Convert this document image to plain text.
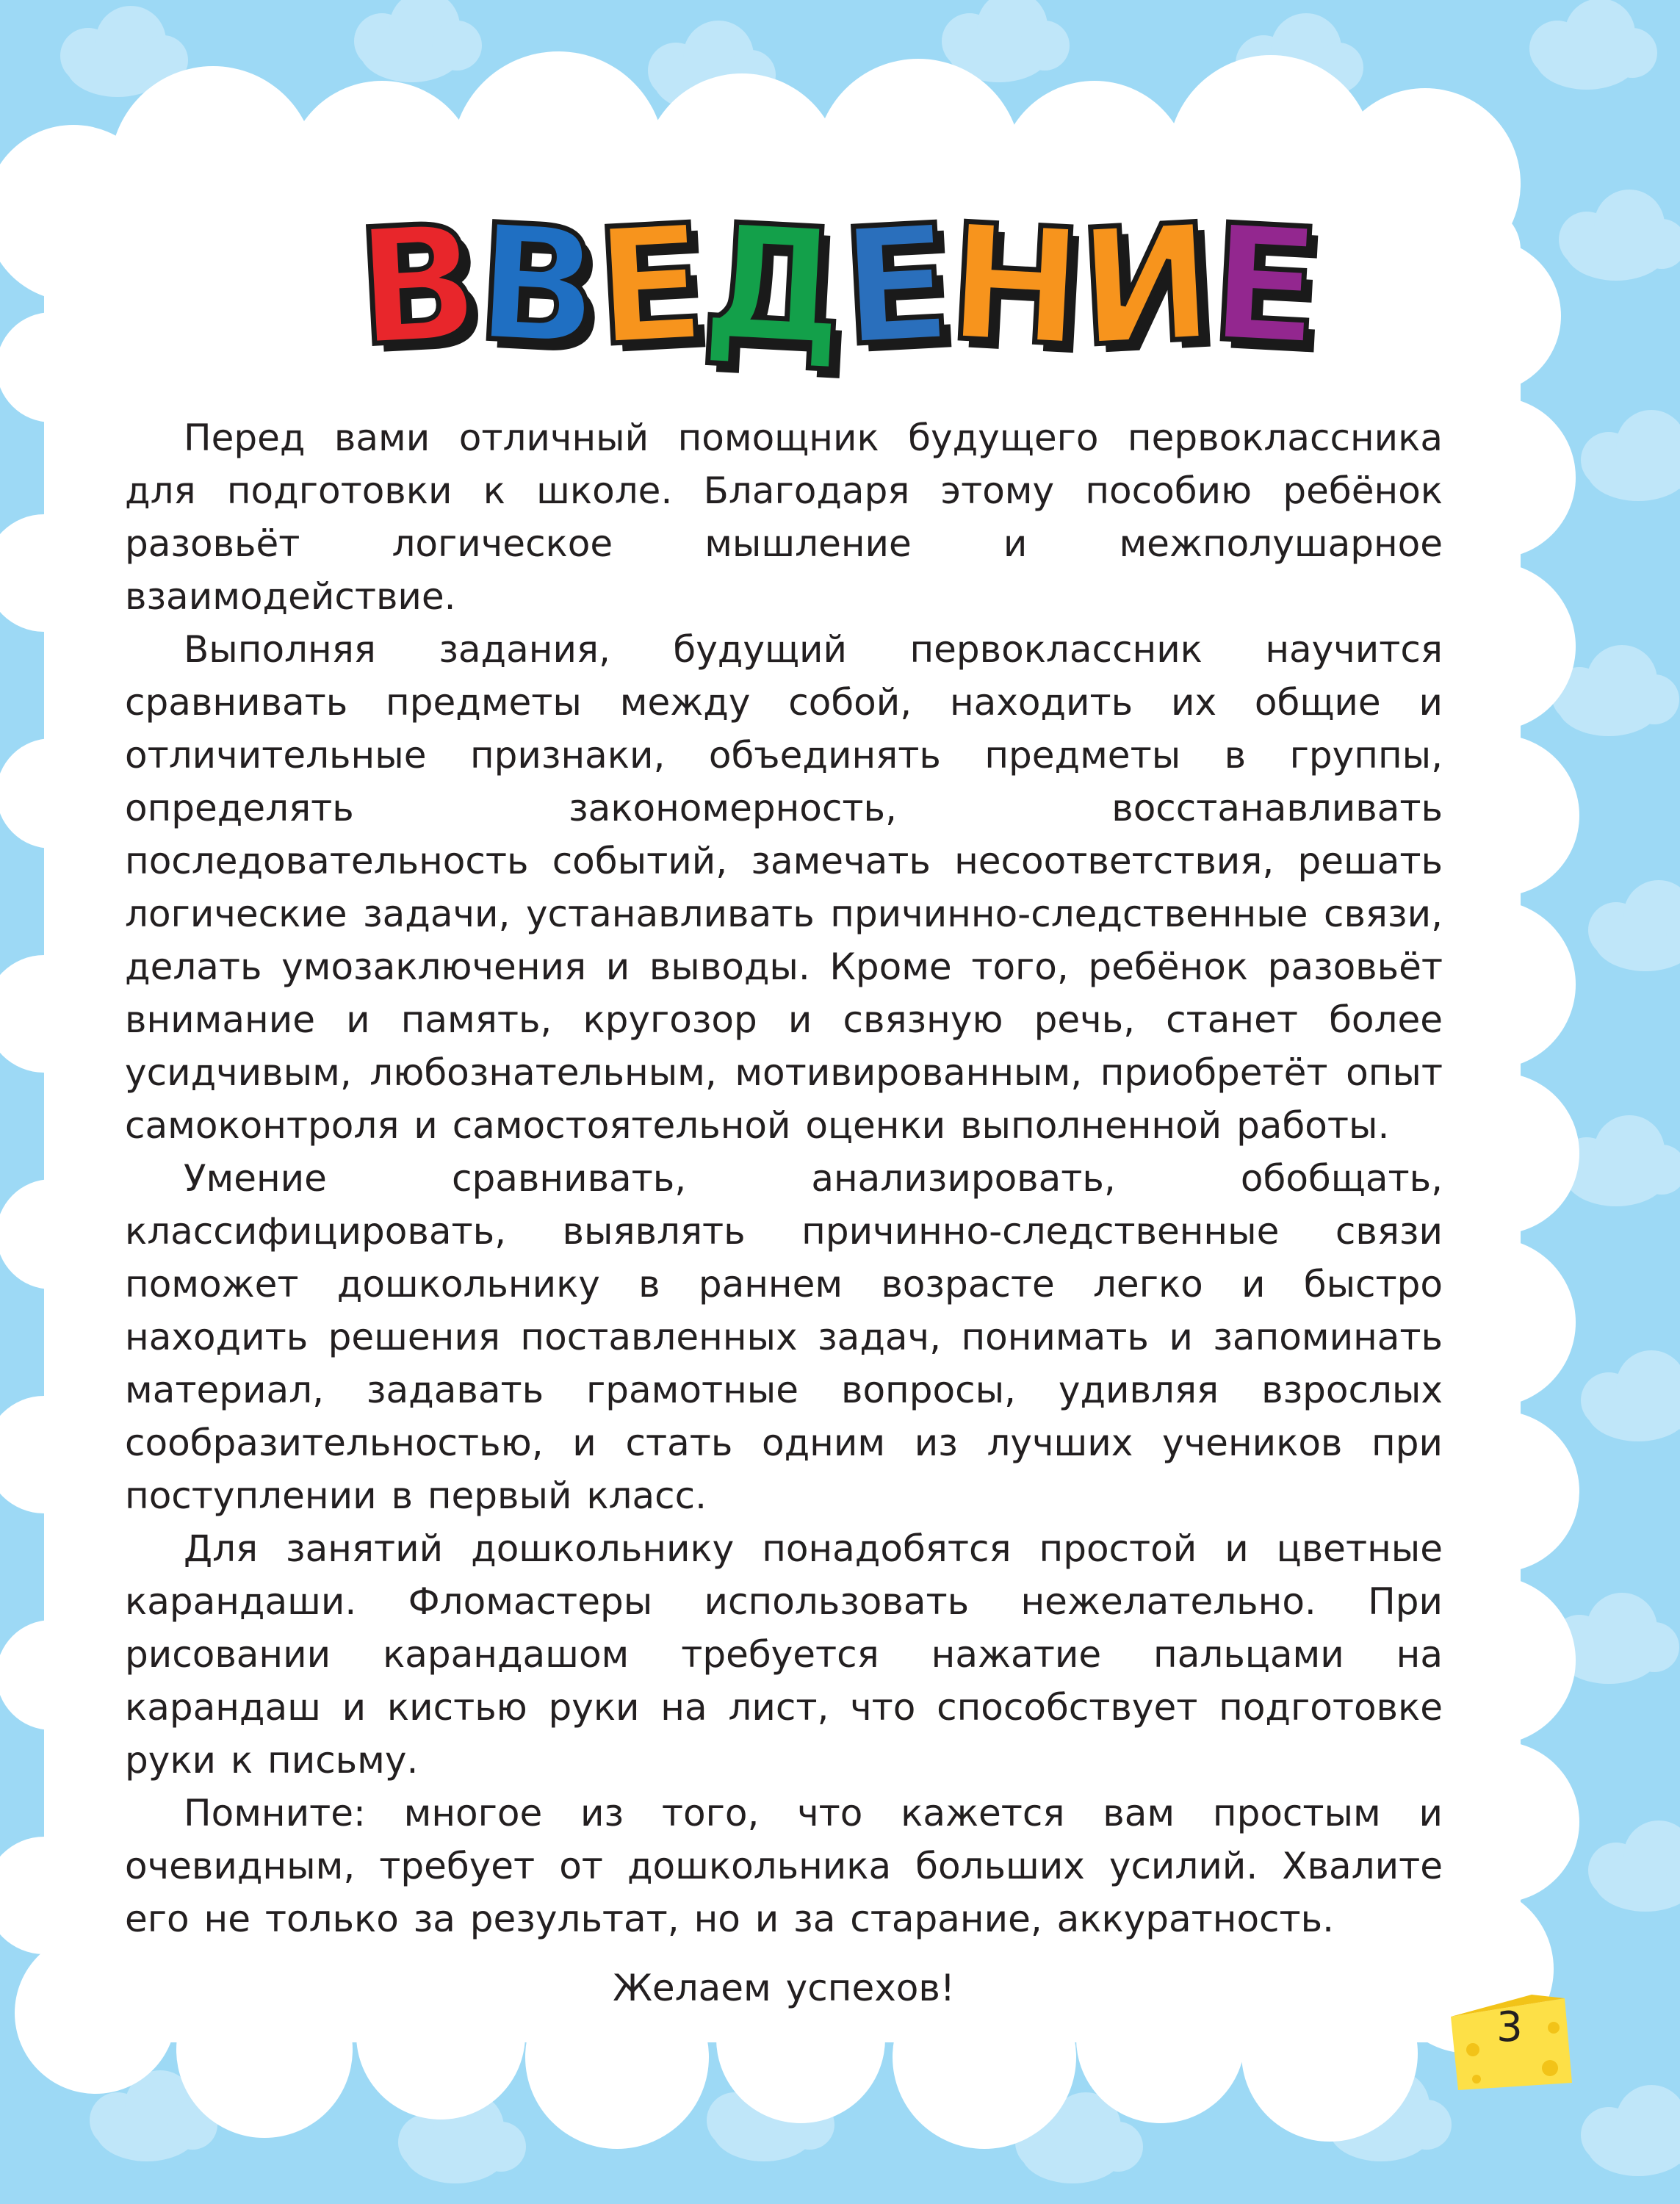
ВВЕДЕНИЕ

Перед вами отличный помощник будущего первоклассника для подготовки к школе. Благодаря этому пособию ребёнок разовьёт логическое мышление и межполушарное взаимодействие.

Выполняя задания, будущий первоклассник научится сравнивать предметы между собой, находить их общие и отличительные признаки, объединять предметы в группы, определять закономерность, восстанавливать последовательность событий, замечать несоответствия, решать логические задачи, устанавливать причинно-следственные связи, делать умозаключения и выводы. Кроме того, ребёнок разовьёт внимание и память, кругозор и связную речь, станет более усидчивым, любознательным, мотивированным, приобретёт опыт самоконтроля и самостоятельной оценки выполненной работы.

Умение сравнивать, анализировать, обобщать, классифицировать, выявлять причинно-следственные связи поможет дошкольнику в раннем возрасте легко и быстро находить решения поставленных задач, понимать и запоминать материал, задавать грамотные вопросы, удивляя взрослых сообразительностью, и стать одним из лучших учеников при поступлении в первый класс.

Для занятий дошкольнику понадобятся простой и цветные карандаши. Фломастеры использовать нежелательно. При рисовании карандашом требуется нажатие пальцами на карандаш и кистью руки на лист, что способствует подготовке руки к письму.

Помните: многое из того, что кажется вам простым и очевидным, требует от дошкольника больших усилий. Хвалите его не только за результат, но и за старание, аккуратность.

Желаем успехов!

3
